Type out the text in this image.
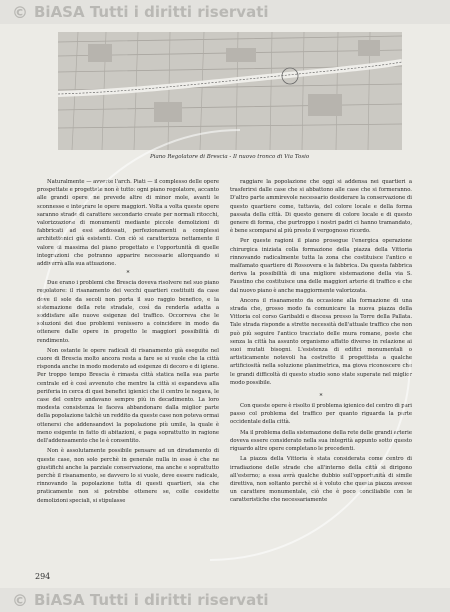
© BiASA Tutti i diritti riservati
Piano Regolatore di Brescia - Il nuovo tronco di Via Tosio

Naturalmente — avverte l'arch. Piati — il complesso delle opere prospettate e progettate non è tutto: ogni piano regolatore, accanto alle grandi opere, ne prevede altre di minor mole, avanti le sconnesse e integrare le opere maggiori. Volta a volta queste opere saranno strade di carattere secondario create per normali ritocchi, valorizzazione di monumenti mediante piccole demolizioni di fabbricati ad essi addossati, perfezionamenti a complessi architettonici già esistenti. Con ciò si caratterizza nettamente il valore di massima del piano progettato e l'opportunità di quelle integrazioni che potranno apparire necessarie allorquando si addiverrà alla sua attuazione.

*

Due erano i problemi che Brescia doveva risolvere nel suo piano regolatore: il risanamento dei vecchi quartieri costituiti da case dove il sole da secoli non porta il suo raggio benefico, e la sistemazione della rete stradale, così da renderla adatta a soddisfare alle nuove esigenze del traffico. Occorreva che le soluzioni dei due problemi venissero a coincidere in modo da ottenere dalle opere in progetto le maggiori possibilità di rendimento.

Non ostante le opere radicali di risanamento già eseguite nel cuore di Brescia molto ancora resta a fare se si vuole che la città risponda anche in modo moderato ad esigenze di decoro e di igiene. Per troppo tempo Brescia è rimasta città statica nella sua parte centrale ed è così avvenuto che mentre la città si espandeva alla periferia in cerca di quei benefici igienici che il centro le negava, le case del centro andavano sempre più in decadimento. La loro modesta consistenza le faceva abbandonare dalla miglior parte della popolazione talchè un reddito da queste case non poteva ormai ottenersi che addensandovi la popolazione più umile, la quale è meno esigente in fatto di abitazioni, e paga soprattutto in ragione dell'addensamento che le è consentito.

Non è assolutamente possibile pensare ad un diradamento di queste case, non solo perchè in generale nulla in esse è che ne giustifichi anche la parziale conservazione, ma anche e soprattutto perchè il risanamento, se davvero lo si vuole, deve essere radicale, rinnovando la popolazione tutta di questi quartieri, sia che praticamente non si potrebbe ottenere se, colle cosidette demolizioni speciali, si stipulasse

raggiare la popolazione che oggi si addensa nei quartieri a trasferirsi dalle case che si abbattono alle case che si formeranno. D'altro parte ammirevole necessario desiderare la conservazione di questo quartiere come, tuttavia, del colore locale e della forma passata della città. Di questo genere di colore locale e di questo genere di forma, che purtroppo i nostri padri ci hanno tramandato, è bene scomparsi al più presto il vergognoso ricordo.

Per queste ragioni il piano prosegue l'energica operazione chirurgica iniziata colla formazione della piazza della Vittoria rinnovando radicalmente tutta la zona che costituisce l'antico e malfamato quartiere di Rossovera e la fabbrica. Da questa fabbrica deriva la possibilità di una migliore sistemazione della via S. Faustino che costituisce una delle maggiori arterie di traffico e che dal nuovo piano è anche maggiormente valorizzata.

Ancora il risanamento da occasione alla formazione di una strada che, grosso modo fa comunicare la nuova piazza della Vittoria col corso Garibaldi e discesa presso la Torre della Pallata. Tale strada risponde a strette necessità dell'attuale traffico che non può più seguire l'antico tracciato delle mura romane, poste che senza la città ha assunto organismo affatto diverso in relazione ai suoi mutati bisogni. L'esistenza di edifici monumentali o artisticamente notevoli ha costretto il progettista a qualche artificiosità nella soluzione planimetrica, ma giova riconoscere che le grandi difficoltà di questo studio sono state superate nel miglior modo possibile.

*

Con queste opere è risolto il problema igienico del centro di pari passo col problema del traffico per quanto riguarda la parte occidentale della città.

Ma il problema della sistemazione della rete delle grandi arterie doveva essere considerato nella sua integrità appunto sotto questo riguardo altre opere completano le precedenti.

La piazza della Vittoria è stata considerata come centro di irradiazione delle strade che all'interno della città si dirigono all'esterno; a essa avrà qualche dubbio sull'opportunità di simile direttiva, non soltanto perchè si è voluto che questa piazza avesse un carattere monumentale, ciò che è poco conciliabile con le caratteristiche che necessariamente

294
© BiASA Tutti i diritti riservati
